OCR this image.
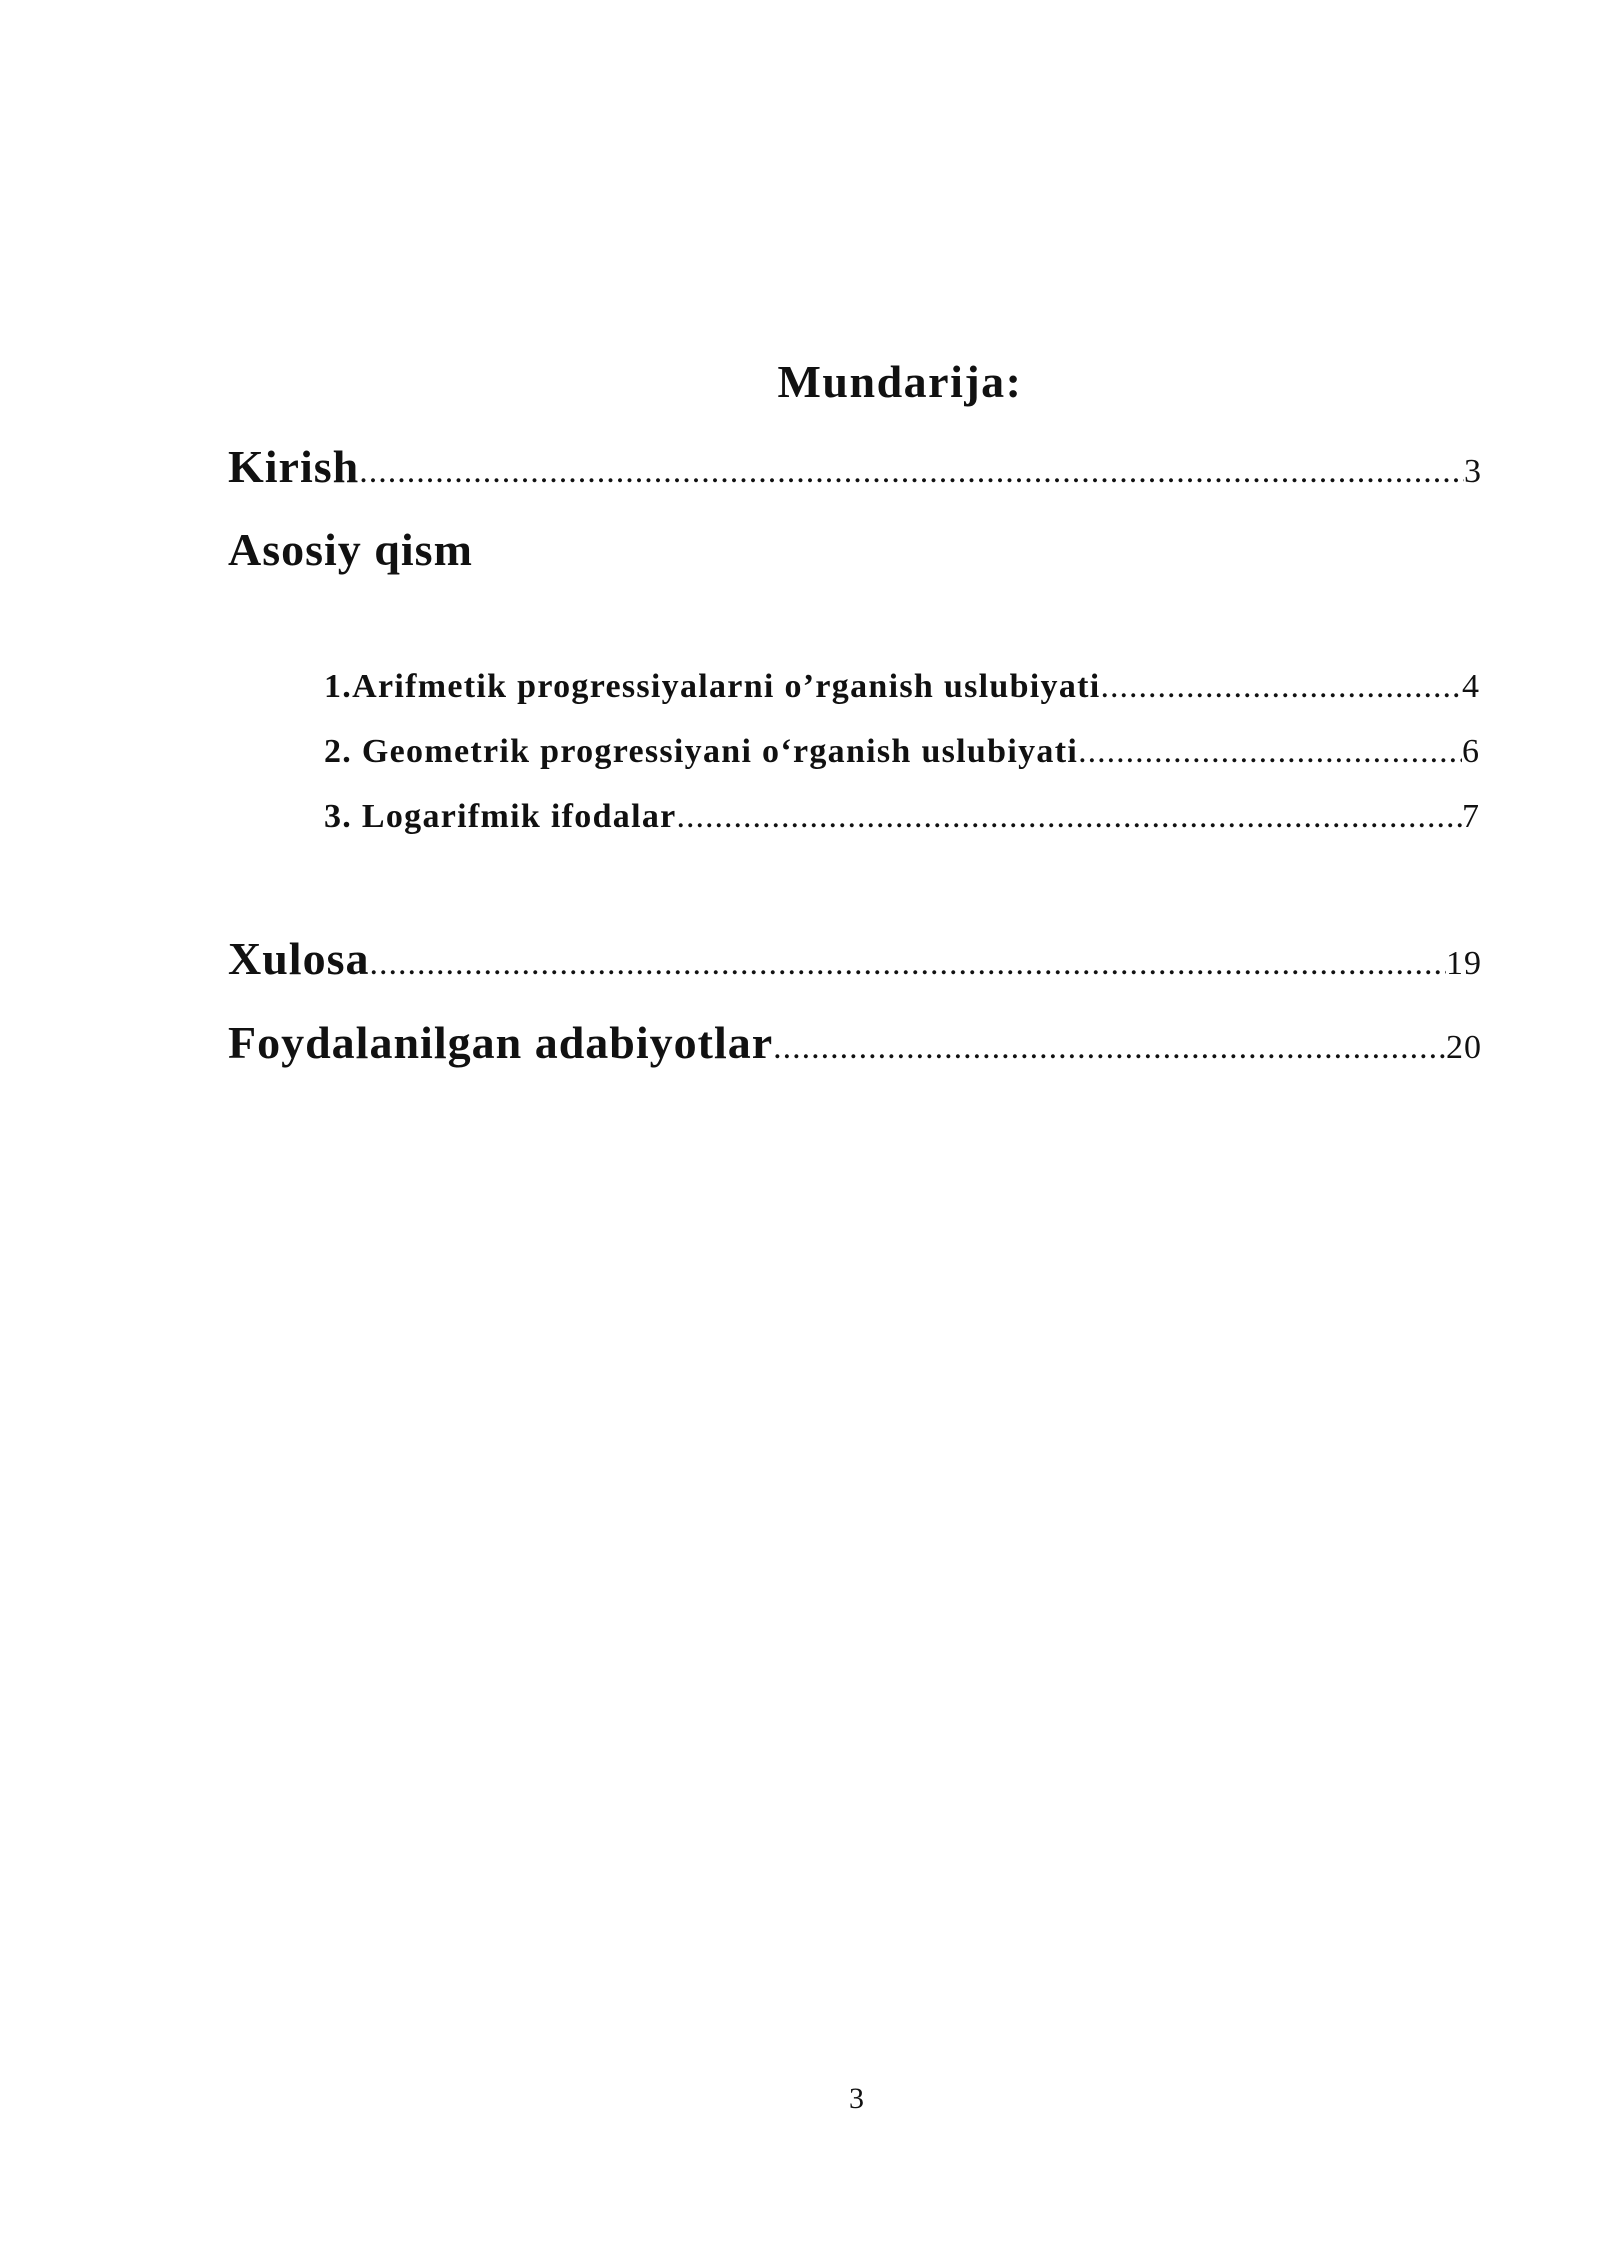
Mundarija:
Kirish .....	3
Asosiy qism
1.Arifmetik progressiyalarni o’rganish uslubiyati .....	4
2. Geometrik progressiyani o‘rganish uslubiyati .....	6
3. Logarifmik ifodalar .....	7
Xulosa .....	19
Foydalanilgan adabiyotlar .....	20
3
